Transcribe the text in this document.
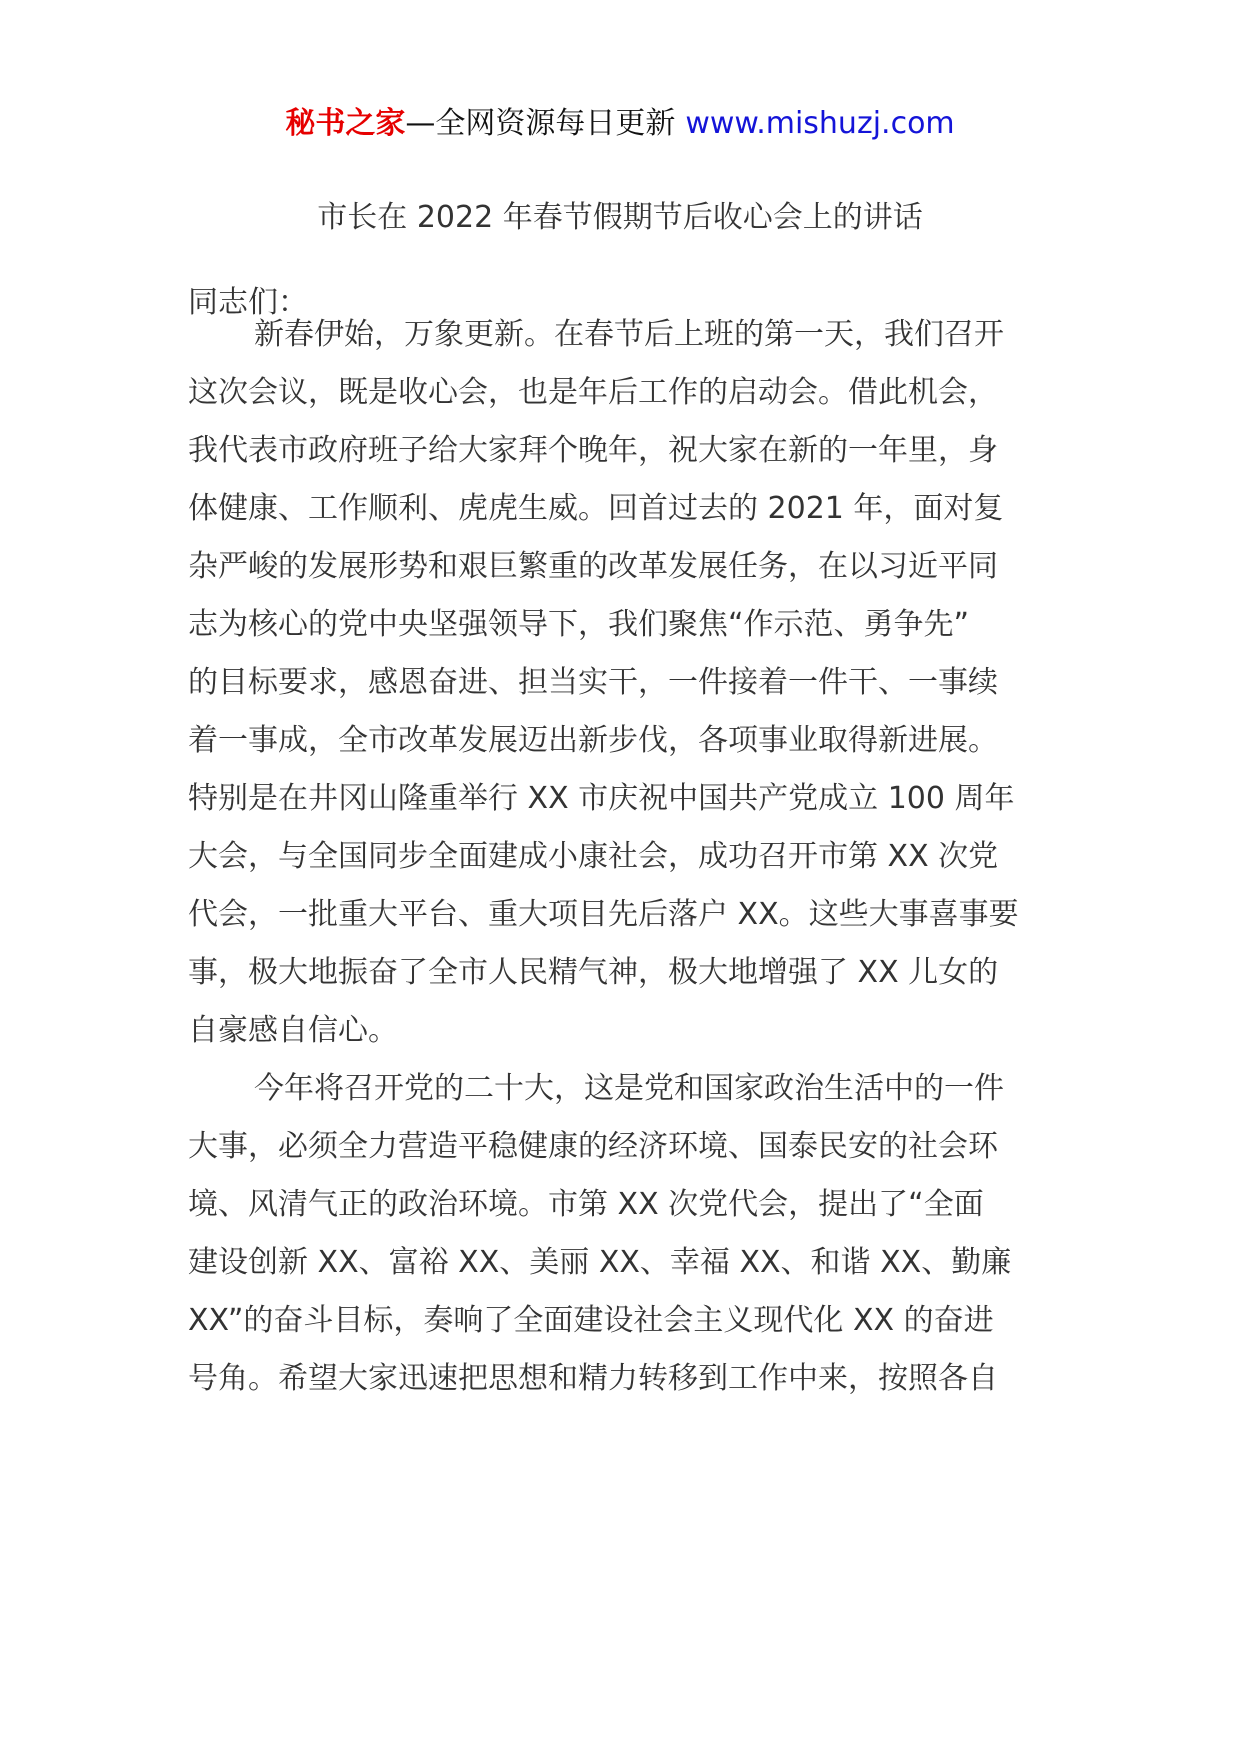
秘书之家—全网资源每日更新 www.mishuzj.com
市长在 2022 年春节假期节后收心会上的讲话
同志们：
新春伊始，万象更新。在春节后上班的第一天，我们召开
这次会议，既是收心会，也是年后工作的启动会。借此机会，
我代表市政府班子给大家拜个晚年，祝大家在新的一年里，身
体健康、工作顺利、虎虎生威。回首过去的 2021 年，面对复
杂严峻的发展形势和艰巨繁重的改革发展任务，在以习近平同
志为核心的党中央坚强领导下，我们聚焦“作示范、勇争先”
的目标要求，感恩奋进、担当实干，一件接着一件干、一事续
着一事成，全市改革发展迈出新步伐，各项事业取得新进展。
特别是在井冈山隆重举行 XX 市庆祝中国共产党成立 100 周年
大会，与全国同步全面建成小康社会，成功召开市第 XX 次党
代会，一批重大平台、重大项目先后落户 XX。这些大事喜事要
事，极大地振奋了全市人民精气神，极大地增强了 XX 儿女的
自豪感自信心。
今年将召开党的二十大，这是党和国家政治生活中的一件
大事，必须全力营造平稳健康的经济环境、国泰民安的社会环
境、风清气正的政治环境。市第 XX 次党代会，提出了“全面
建设创新 XX、富裕 XX、美丽 XX、幸福 XX、和谐 XX、勤廉
XX”的奋斗目标，奏响了全面建设社会主义现代化 XX 的奋进
号角。希望大家迅速把思想和精力转移到工作中来，按照各自
